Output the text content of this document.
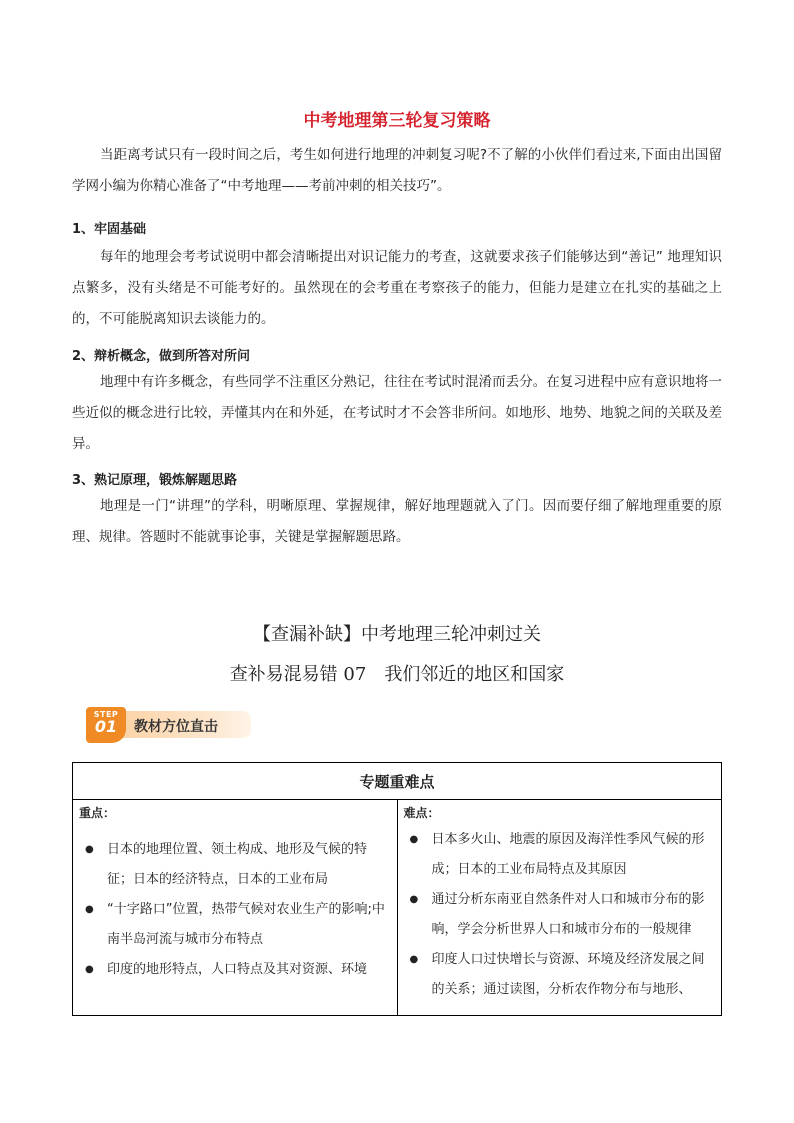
中考地理第三轮复习策略
当距离考试只有一段时间之后，考生如何进行地理的冲刺复习呢?不了解的小伙伴们看过来,下面由出国留学网小编为你精心准备了“中考地理——考前冲刺的相关技巧”。
1、牢固基础
每年的地理会考考试说明中都会清晰提出对识记能力的考查，这就要求孩子们能够达到“善记” 地理知识点繁多，没有头绪是不可能考好的。虽然现在的会考重在考察孩子的能力，但能力是建立在扎实的基础之上的，不可能脱离知识去谈能力的。
2、辩析概念，做到所答对所问
地理中有许多概念，有些同学不注重区分熟记，往往在考试时混淆而丢分。在复习进程中应有意识地将一些近似的概念进行比较，弄懂其内在和外延，在考试时才不会答非所问。如地形、地势、地貌之间的关联及差异。
3、熟记原理，锻炼解题思路
地理是一门“讲理”的学科，明晰原理、掌握规律，解好地理题就入了门。因而要仔细了解地理重要的原理、规律。答题时不能就事论事，关键是掌握解题思路。
【查漏补缺】中考地理三轮冲刺过关
查补易混易错 07　我们邻近的地区和国家
教材方位直击
STEP
01
专题重难点

重点：
● 日本的地理位置、领土构成、地形及气候的特征；日本的经济特点，日本的工业布局
● “十字路口”位置，热带气候对农业生产的影响;中南半岛河流与城市分布特点
● 印度的地形特点，人口特点及其对资源、环境

难点：
● 日本多火山、地震的原因及海洋性季风气候的形成；日本的工业布局特点及其原因
● 通过分析东南亚自然条件对人口和城市分布的影响，学会分析世界人口和城市分布的一般规律
● 印度人口过快增长与资源、环境及经济发展之间的关系；通过读图，分析农作物分布与地形、
